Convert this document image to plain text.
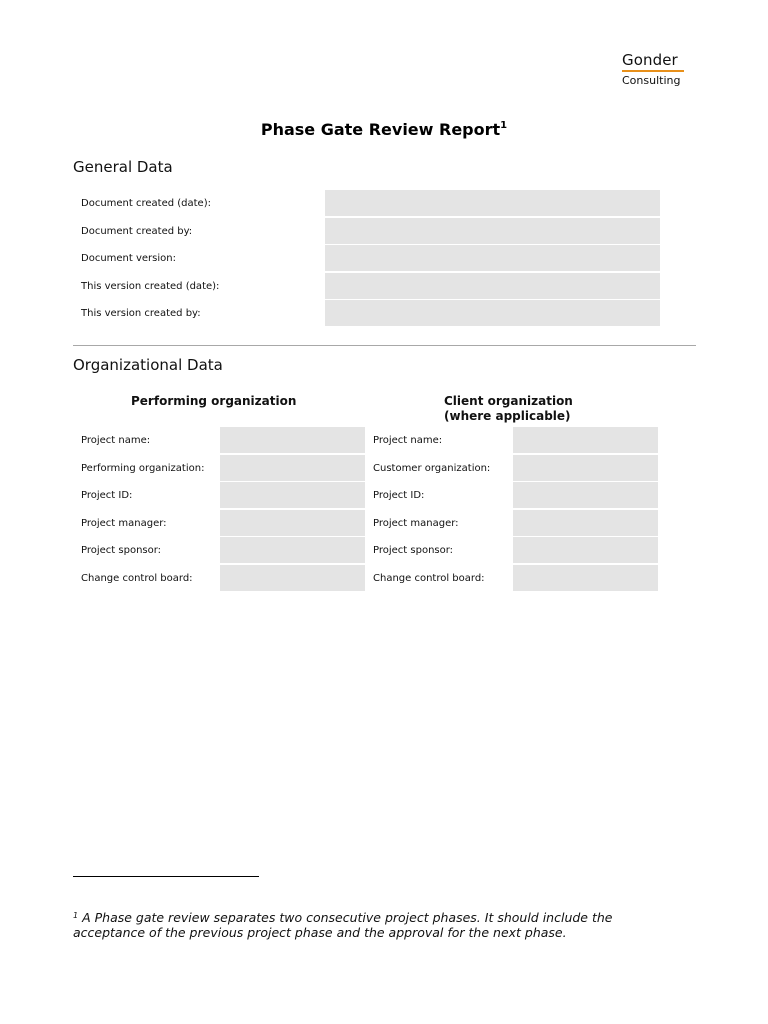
Gonder
Consulting
Phase Gate Review Report$^1$
General Data
Document created (date):
Document created by:
Document version:
This version created (date):
This version created by:
Organizational Data
Performing organization	Client organization
(where applicable)
Project name:
Performing organization:
Project ID:
Project manager:
Project sponsor:
Change control board:
Project name:
Customer organization:
Project ID:
Project manager:
Project sponsor:
Change control board:
$^1$ A Phase gate review separates two consecutive project phases. It should include the acceptance of the previous project phase and the approval for the next phase.
